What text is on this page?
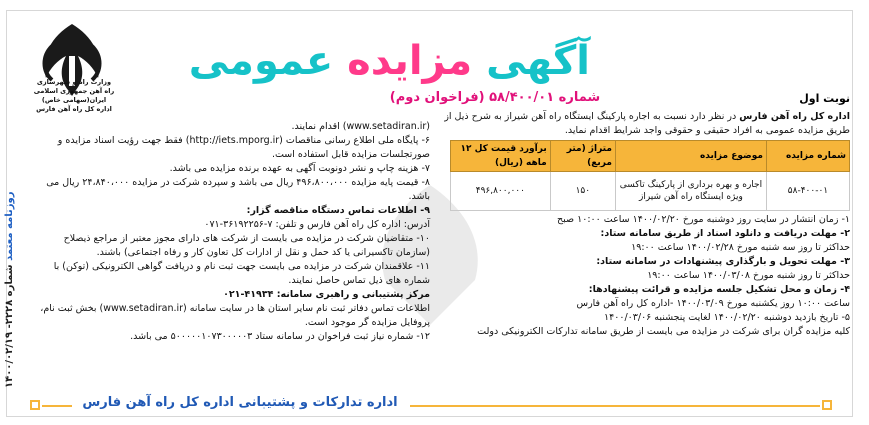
روزنامه معتمد شماره ۲۲۲۸- ۱۴۰۰/۰۲/۱۹
وزارت راه و شهرسازی
راه آهن جمهوری اسلامی ایران(سهامی خاص)
اداره کل راه آهن فارس
آگهی مزایده عمومی
شماره ۵۸/۴۰۰/۰۱ (فراخوان دوم)	نوبت اول

اداره کل راه آهن فارس در نظر دارد نسبت به اجاره پارکینگ ایستگاه راه آهن شیراز به شرح ذیل از طریق مزایده عمومی به افراد حقیقی و حقوقی واجد شرایط اقدام نماید.

شماره مزایده	موضوع مزایده	متراژ (متر مربع)	برآورد قیمت کل ۱۲ ماهه (ریال)
۵۸-۴۰۰-۰۱	اجاره و بهره برداری از پارکینگ تاکسی ویژه ایستگاه راه آهن شیراز	۱۵۰	۴۹۶,۸۰۰,۰۰۰

۱- زمان انتشار در سایت روز دوشنبه مورخ ۱۴۰۰/۰۲/۲۰ ساعت ۱۰:۰۰ صبح

۲- مهلت دریافت و دانلود اسناد از طریق سامانه ستاد:

حداکثر تا روز سه شنبه مورخ ۱۴۰۰/۰۲/۲۸ ساعت ۱۹:۰۰

۳- مهلت تحویل و بارگذاری پیشنهادات در سامانه ستاد:

حداکثر تا روز شنبه مورخ ۱۴۰۰/۰۳/۰۸ ساعت ۱۹:۰۰

۴- زمان و محل تشکیل جلسه مزایده و قرائت پیشنهادها:

ساعت ۱۰:۰۰ روز یکشنبه مورخ ۱۴۰۰/۰۳/۰۹ -اداره کل راه آهن فارس

۵- تاریخ بازدید دوشنبه ۱۴۰۰/۰۲/۲۰ لغایت پنجشنبه ۱۴۰۰/۰۳/۰۶

کلیه مزایده گران برای شرکت در مزایده می بایست از طریق سامانه تدارکات الکترونیکی دولت

(www.setadiran.ir) اقدام نمایند.

۶- پایگاه ملی اطلاع رسانی مناقصات (http://iets.mporg.ir) فقط جهت رؤیت اسناد مزایده و صورتجلسات مزایده قابل استفاده است.

۷- هزینه چاپ و نشر دونوبت آگهی به عهده برنده مزایده می باشد.

۸- قیمت پایه مزایده ۴۹۶،۸۰۰،۰۰۰ ریال می باشد و سپرده شرکت در مزایده ۲۴،۸۴۰،۰۰۰ ریال می باشد.

۹- اطلاعات تماس دستگاه مناقصه گزار:

آدرس: اداره کل راه آهن فارس و تلفن: ۷-۳۶۱۹۲۲۵۶-۰۷۱

۱۰- متقاضیان شرکت در مزایده می بایست از شرکت های دارای مجوز معتبر از مراجع ذیصلاح (سازمان تاکسیرانی یا کد حمل و نقل از ادارات کل تعاون کار و رفاه اجتماعی) باشند.

۱۱- علاقمندان شرکت در مزایده می بایست جهت ثبت نام و دریافت گواهی الکترونیکی (توکن) با شماره های ذیل تماس حاصل نمایند.

مرکز پشتیبانی و راهبری سامانه: ۴۱۹۳۴-۰۲۱

اطلاعات تماس دفاتر ثبت نام سایر استان ها در سایت سامانه (www.setadiran.ir) بخش ثبت نام، پروفایل مزایده گر موجود است.

۱۲- شماره نیاز ثبت فراخوان در سامانه ستاد ۵۰۰۰۰۰۱۰۷۳۰۰۰۰۰۳ می باشد.

اداره تدارکات و پشتیبانی اداره کل راه آهن فارس
